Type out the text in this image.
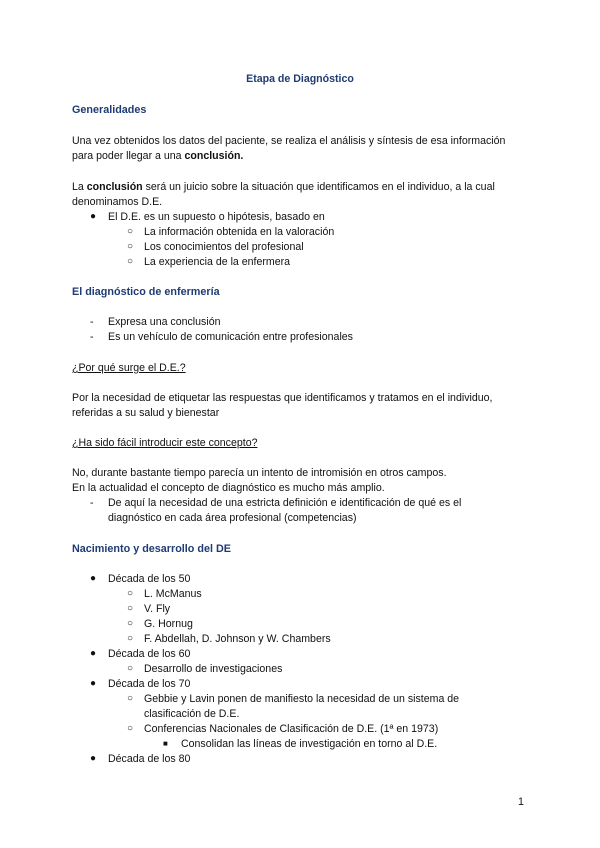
Etapa de Diagnóstico
Generalidades
Una vez obtenidos los datos del paciente, se realiza el análisis y síntesis de esa información
para poder llegar a una conclusión.
La conclusión será un juicio sobre la situación que identificamos en el individuo, a la cual
denominamos D.E.
● El D.E. es un supuesto o hipótesis, basado en
○ La información obtenida en la valoración
○ Los conocimientos del profesional
○ La experiencia de la enfermera
El diagnóstico de enfermería
- Expresa una conclusión
- Es un vehículo de comunicación entre profesionales
¿Por qué surge el D.E.?
Por la necesidad de etiquetar las respuestas que identificamos y tratamos en el individuo,
referidas a su salud y bienestar
¿Ha sido fácil introducir este concepto?
No, durante bastante tiempo parecía un intento de intromisión en otros campos.
En la actualidad el concepto de diagnóstico es mucho más amplio.
- De aquí la necesidad de una estricta definición e identificación de qué es el
diagnóstico en cada área profesional (competencias)
Nacimiento y desarrollo del DE
● Década de los 50
○ L. McManus
○ V. Fly
○ G. Hornug
○ F. Abdellah, D. Johnson y W. Chambers
● Década de los 60
○ Desarrollo de investigaciones
● Década de los 70
○ Gebbie y Lavin ponen de manifiesto la necesidad de un sistema de
clasificación de D.E.
○ Conferencias Nacionales de Clasificación de D.E. (1ª en 1973)
■ Consolidan las líneas de investigación en torno al D.E.
● Década de los 80
1
